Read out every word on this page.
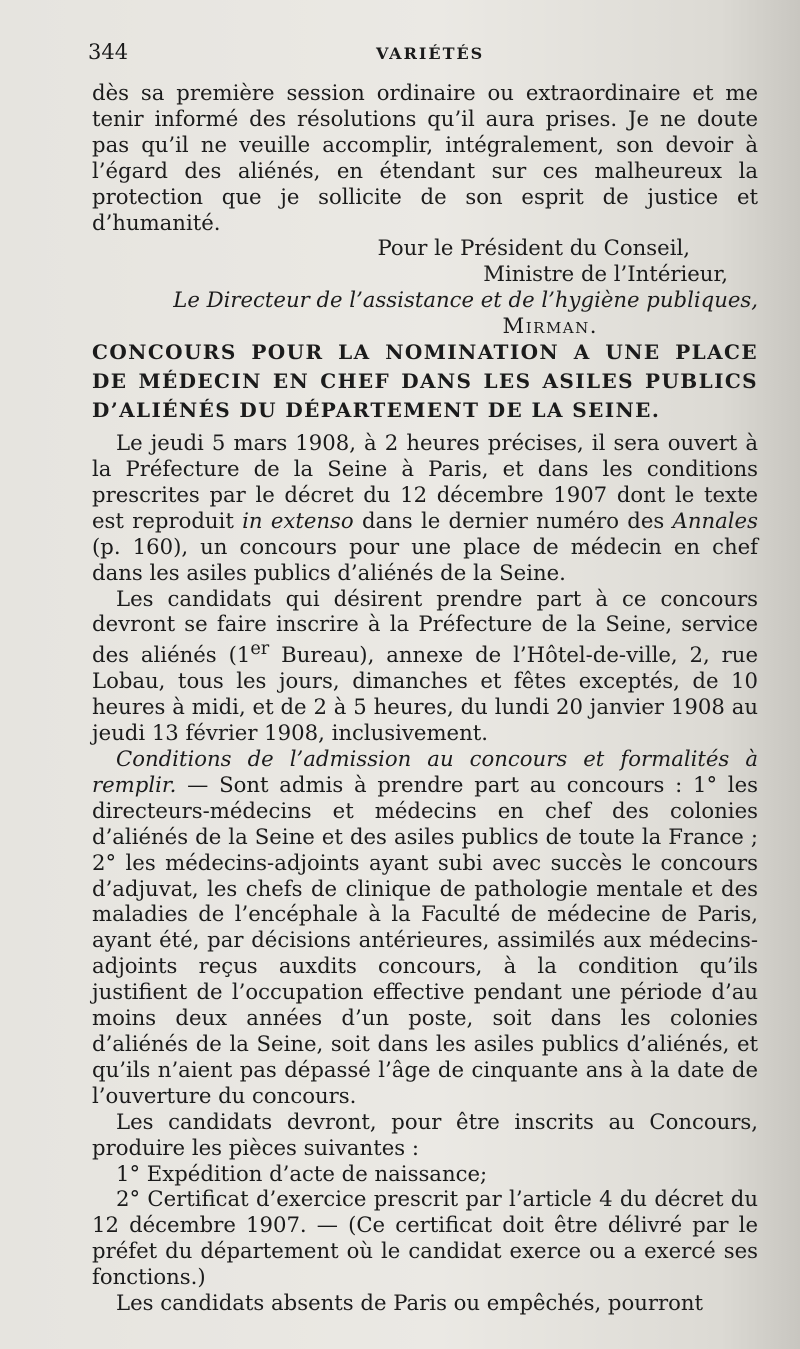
344	VARIÉTÉS

dès sa première session ordinaire ou extraordinaire et me tenir informé des résolutions qu’il aura prises. Je ne doute pas qu’il ne veuille accomplir, intégralement, son devoir à l’égard des aliénés, en étendant sur ces malheureux la protection que je sollicite de son esprit de justice et d’humanité.

Pour le Président du Conseil,

Ministre de l’Intérieur,

Le Directeur de l’assistance et de l’hygiène publiques,

Mirman.

CONCOURS POUR LA NOMINATION A UNE PLACE DE MÉDECIN EN CHEF DANS LES ASILES PUBLICS D’ALIÉNÉS DU DÉPARTEMENT DE LA SEINE.

Le jeudi 5 mars 1908, à 2 heures précises, il sera ouvert à la Préfecture de la Seine à Paris, et dans les conditions prescrites par le décret du 12 décembre 1907 dont le texte est reproduit in extenso dans le dernier numéro des Annales (p. 160), un concours pour une place de médecin en chef dans les asiles publics d’aliénés de la Seine.

Les candidats qui désirent prendre part à ce concours devront se faire inscrire à la Préfecture de la Seine, service des aliénés (1er Bureau), annexe de l’Hôtel-de-ville, 2, rue Lobau, tous les jours, dimanches et fêtes exceptés, de 10 heures à midi, et de 2 à 5 heures, du lundi 20 janvier 1908 au jeudi 13 février 1908, inclusivement.

Conditions de l’admission au concours et formalités à remplir. — Sont admis à prendre part au concours : 1° les directeurs-médecins et médecins en chef des colonies d’aliénés de la Seine et des asiles publics de toute la France ; 2° les médecins-adjoints ayant subi avec succès le concours d’adjuvat, les chefs de clinique de pathologie mentale et des maladies de l’encéphale à la Faculté de médecine de Paris, ayant été, par décisions antérieures, assimilés aux médecins-adjoints reçus auxdits concours, à la condition qu’ils justifient de l’occupation effective pendant une période d’au moins deux années d’un poste, soit dans les colonies d’aliénés de la Seine, soit dans les asiles publics d’aliénés, et qu’ils n’aient pas dépassé l’âge de cinquante ans à la date de l’ouverture du concours.

Les candidats devront, pour être inscrits au Concours, produire les pièces suivantes :

1° Expédition d’acte de naissance;

2° Certificat d’exercice prescrit par l’article 4 du décret du 12 décembre 1907. — (Ce certificat doit être délivré par le préfet du département où le candidat exerce ou a exercé ses fonctions.)

Les candidats absents de Paris ou empêchés, pourront
